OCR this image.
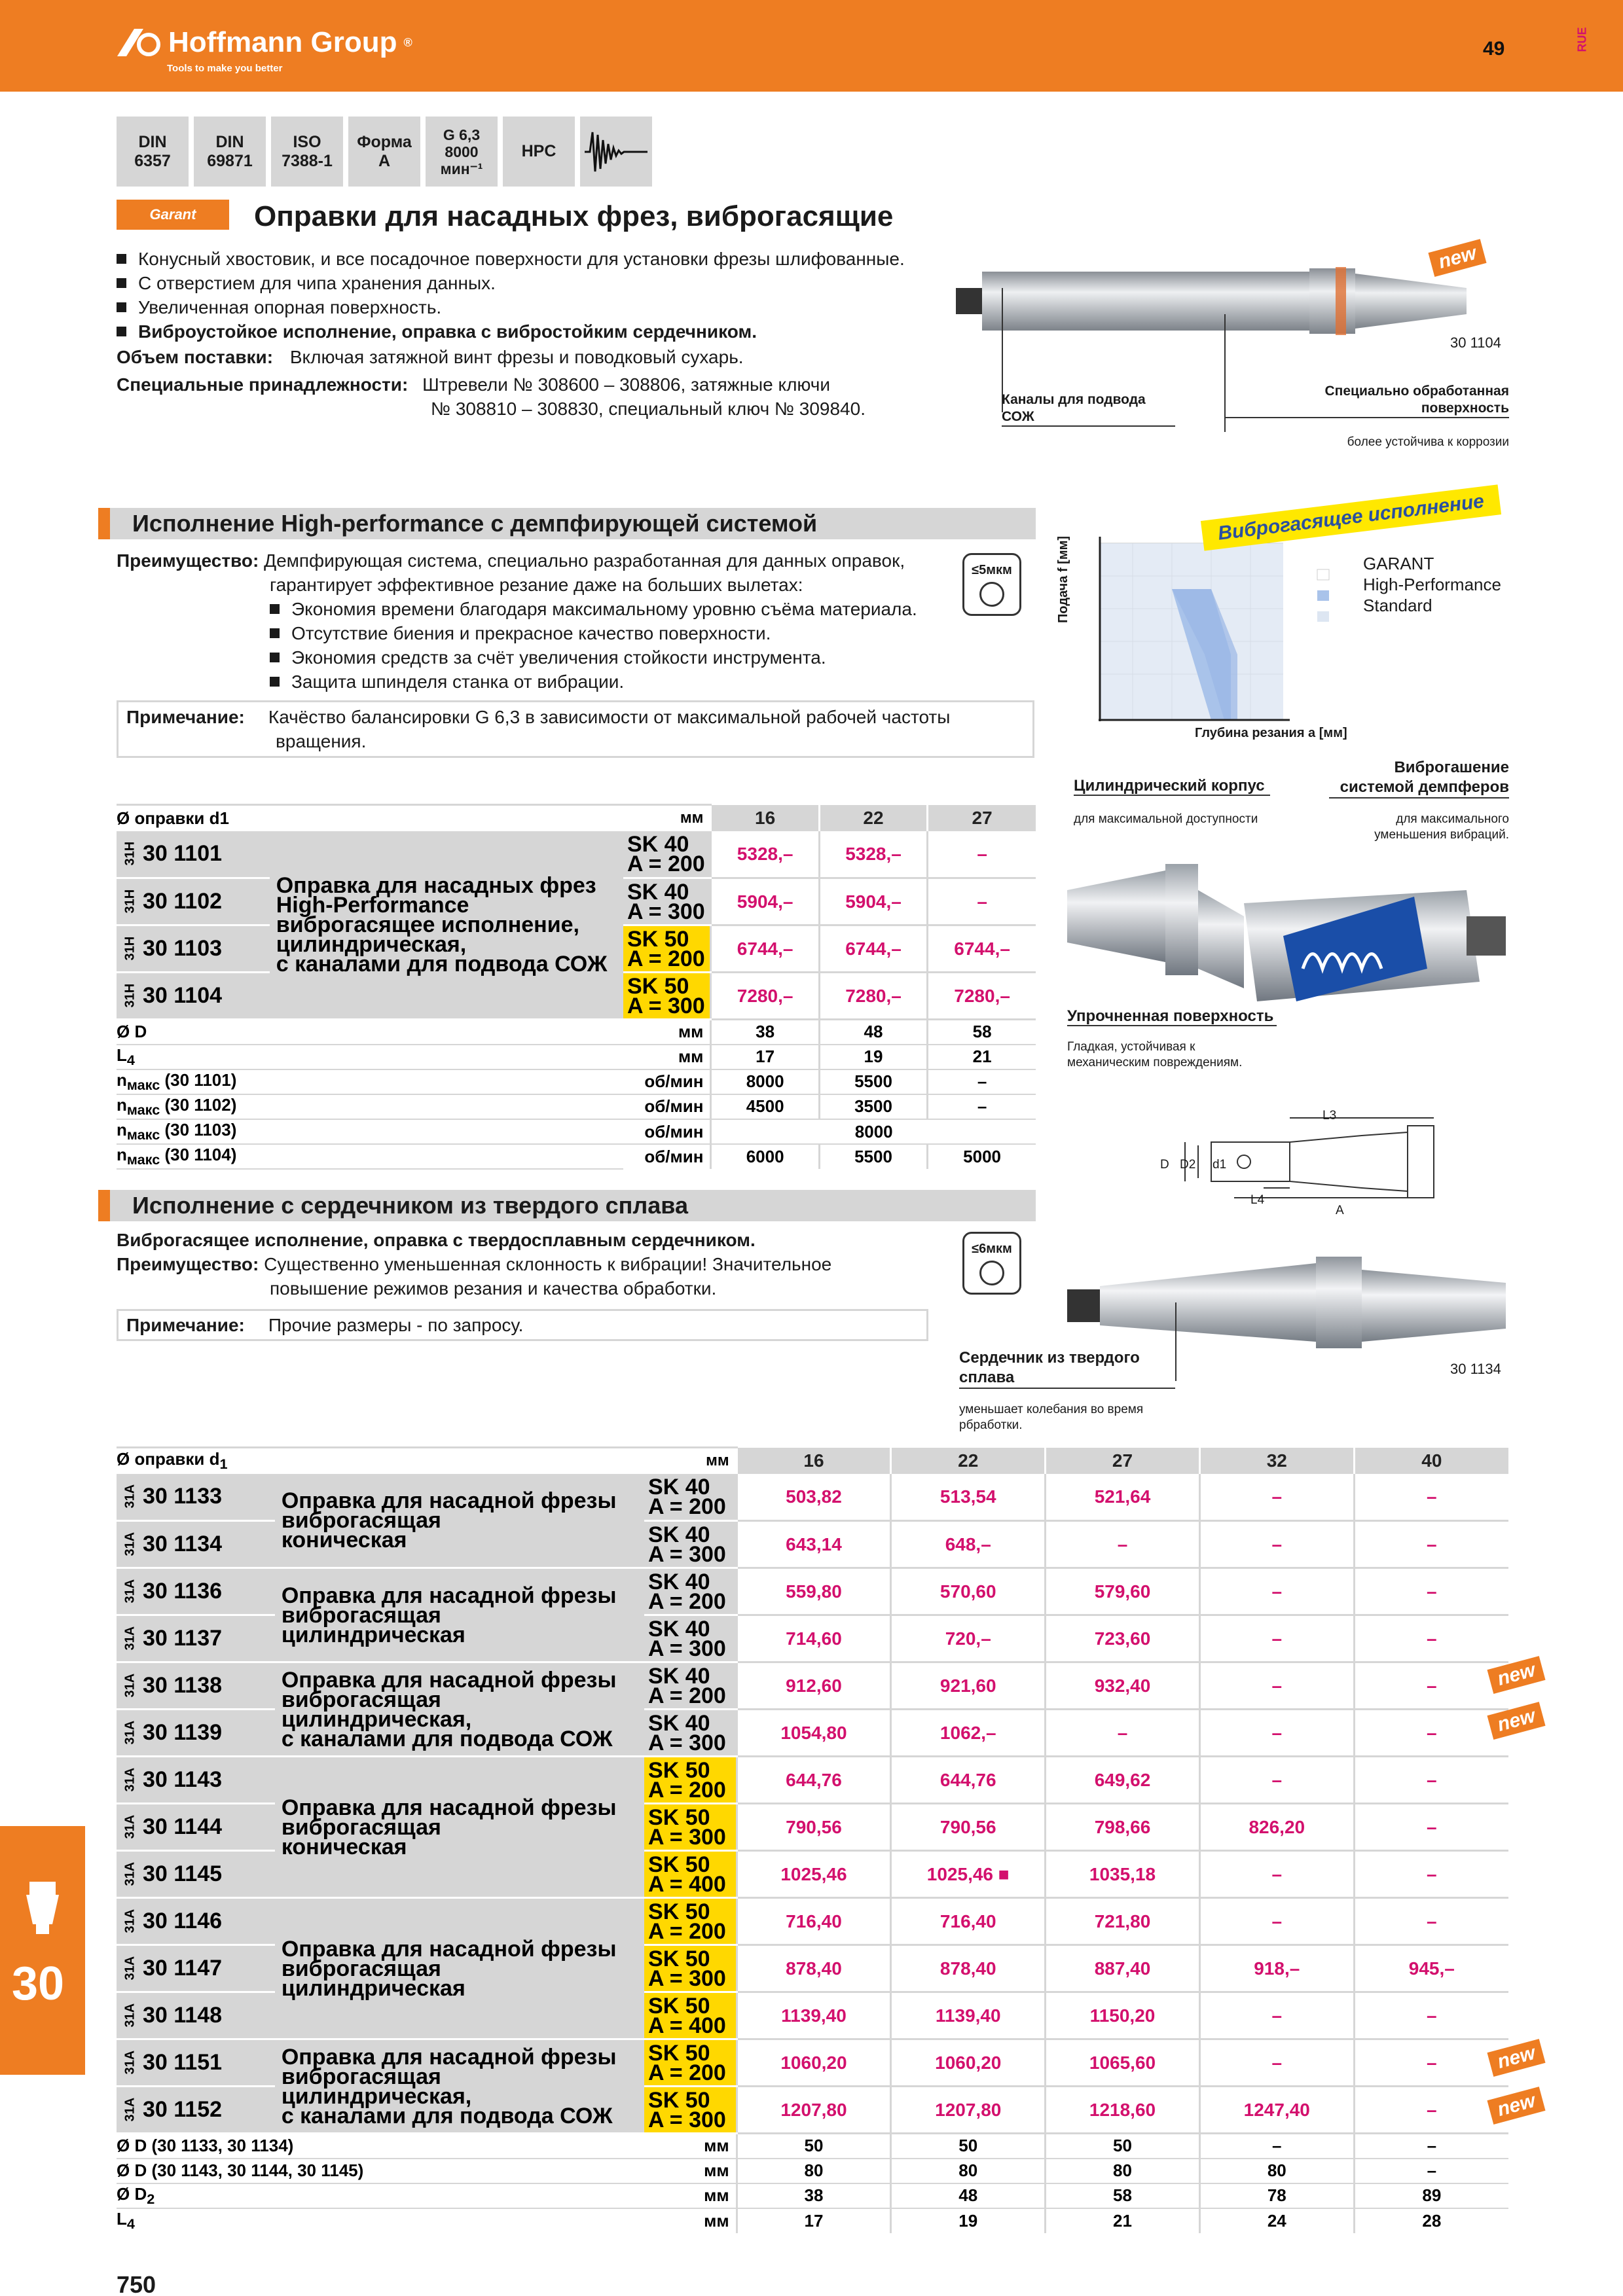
Hoffmann Group ®
Tools to make you better
49	RUE
DIN
6357
DIN
69871
ISO
7388-1
Форма
A
G 6,3
8000
мин⁻¹
HPC
Garant	Оправки для насадных фрез, виброгасящие
Конусный хвостовик, и все посадочное поверхности для установки фрезы шлифованные.
С отверстием для чипа хранения данных.
Увеличенная опорная поверхность.
Виброустойкое исполнение, оправка с вибростойким сердечником.
Объем поставки: Включая затяжной винт фрезы и поводковый сухарь.
Специальные принадлежности: Штревели № 308600 – 308806, затяжные ключи
№ 308810 – 308830, специальный ключ № 309840.
new
30 1104
Каналы для подвода СОЖ
Специально обработанная
поверхность
более устойчива к коррозии
Исполнение High-performance с демпфирующей системой
Преимущество: Демпфирующая система, специально разработанная для данных оправок,
гарантирует эффективное резание даже на больших вылетах:
Экономия времени благодаря максимальному уровню съёма материала.
Отсутствие биения и прекрасное качество поверхности.
Экономия средств за счёт увеличения стойкости инструмента.
Защита шпинделя станка от вибрации.
≤5мкм
Примечание: Качёство балансировки G 6,3 в зависимости от максимальной рабочей частоты
вращения.
Виброгасящее исполнение
Подача f [мм]
Глубина резания a [мм]
GARANT
High-Performance
Standard
Цилиндрический корпус
для максимальной доступности
Виброгашение
системой демпферов
для максимального
уменьшения вибраций.
Упрочненная поверхность
Гладкая, устойчивая к
механическим повреждениям.
Ø оправки d1		мм	16	22	27
31H 30 1101	Оправка для насадных фрез
High-Performance
виброгасящее исполнение,
цилиндрическая,
с каналами для подвода СОЖ	SK 40
A = 200	5328,–	5328,–	–
31H 30 1102		SK 40
A = 300	5904,–	5904,–	–
31H 30 1103		SK 50
A = 200	6744,–	6744,–	6744,–
31H 30 1104		SK 50
A = 300	7280,–	7280,–	7280,–
Ø D		мм	38	48	58
$L_4$		мм	17	19	21
$n_{макс}$ (30 1101)		об/мин	8000	5500	–
$n_{макс}$ (30 1102)		об/мин	4500	3500	–
$n_{макс}$ (30 1103)		об/мин	8000		
$n_{макс}$ (30 1104)		об/мин	6000	5500	5000
L3
D D2 d1
L4
A
Исполнение с сердечником из твердого сплава
Виброгасящее исполнение, оправка с твердосплавным сердечником.
Преимущество: Существенно уменьшенная склонность к вибрации! Значительное
повышение режимов резания и качества обработки.
≤6мкм
Примечание: Прочие размеры - по запросу.
30 1134
Сердечник из твердого
сплава
уменьшает колебания во время
рбработки.
Ø оправки $d_1$		мм	16	22	27	32	40
31A 30 1133	Оправка для насадной фрезы
виброгасящая
коническая	SK 40
A = 200	503,82	513,54	521,64	–	–
31A 30 1134		SK 40
A = 300	643,14	648,–	–	–	–
31A 30 1136	Оправка для насадной фрезы
виброгасящая
цилиндрическая	SK 40
A = 200	559,80	570,60	579,60	–	–
31A 30 1137		SK 40
A = 300	714,60	720,–	723,60	–	–
31A 30 1138	Оправка для насадной фрезы
виброгасящая
цилиндрическая,
с каналами для подвода СОЖ	SK 40
A = 200	912,60	921,60	932,40	–	–
31A 30 1139		SK 40
A = 300	1054,80	1062,–	–	–	–
31A 30 1143	Оправка для насадной фрезы
виброгасящая
коническая	SK 50
A = 200	644,76	644,76	649,62	–	–
31A 30 1144		SK 50
A = 300	790,56	790,56	798,66	826,20	–
31A 30 1145		SK 50
A = 400	1025,46	1025,46 ■	1035,18	–	–
31A 30 1146	Оправка для насадной фрезы
виброгасящая
цилиндрическая	SK 50
A = 200	716,40	716,40	721,80	–	–
31A 30 1147		SK 50
A = 300	878,40	878,40	887,40	918,–	945,–
31A 30 1148		SK 50
A = 400	1139,40	1139,40	1150,20	–	–
31A 30 1151	Оправка для насадной фрезы
виброгасящая
цилиндрическая,
с каналами для подвода СОЖ	SK 50
A = 200	1060,20	1060,20	1065,60	–	–
31A 30 1152		SK 50
A = 300	1207,80	1207,80	1218,60	1247,40	–
Ø D (30 1133, 30 1134)		мм	50	50	50	–	–
Ø D (30 1143, 30 1144, 30 1145)		мм	80	80	80	80	–
Ø $D_2$		мм	38	48	58	78	89
$L_4$		мм	17	19	21	24	28
new
new
new
new
30
750
